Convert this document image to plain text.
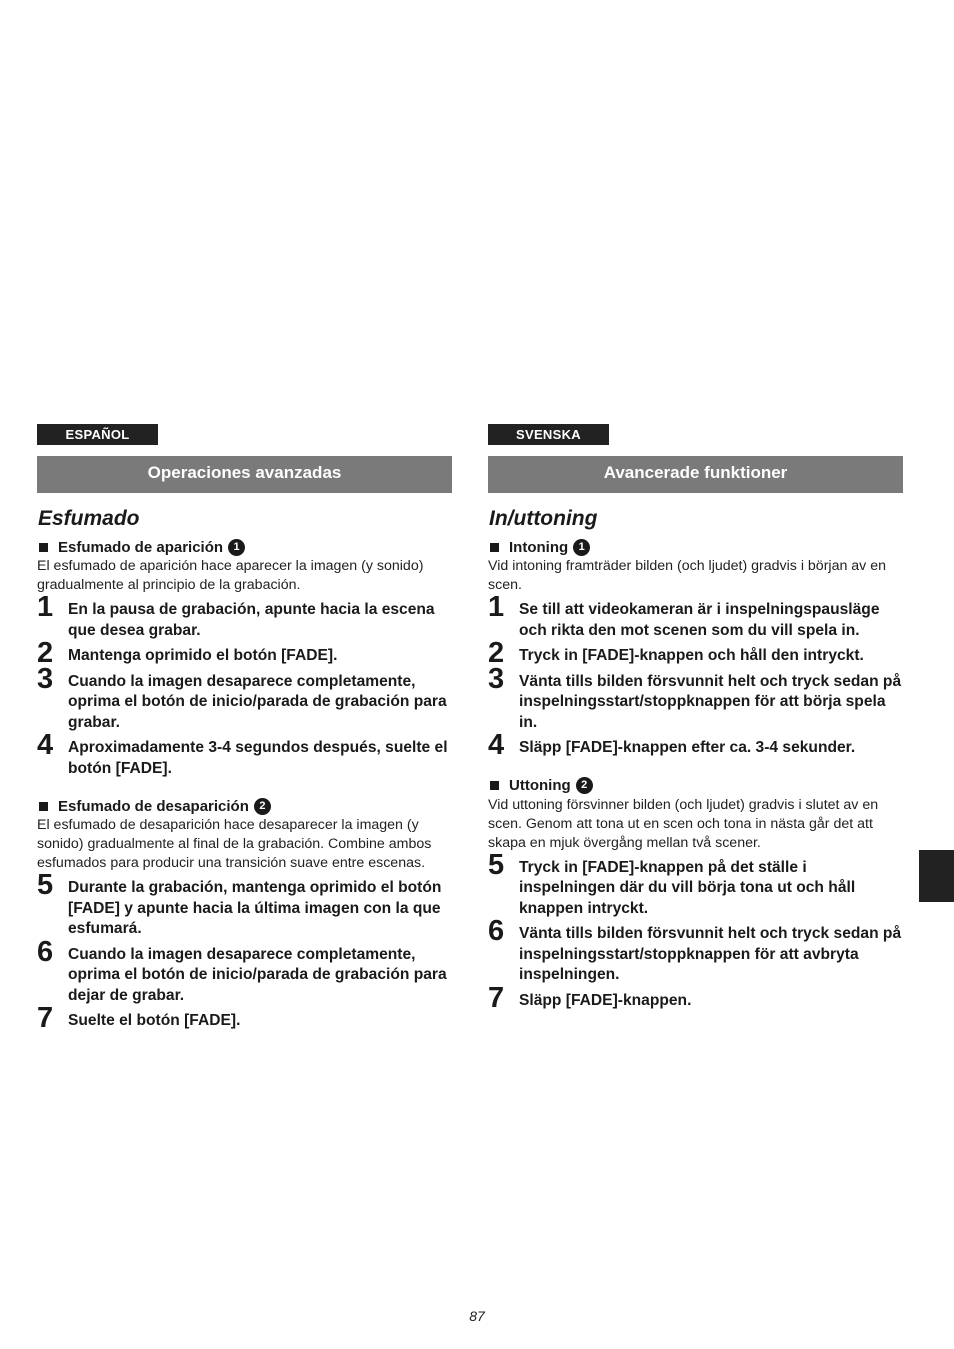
ESPAÑOL
Operaciones avanzadas
Esfumado
Esfumado de aparición 1
El esfumado de aparición hace aparecer la imagen (y sonido) gradualmente al principio de la grabación.
1 En la pausa de grabación, apunte hacia la escena que desea grabar.
2 Mantenga oprimido el botón [FADE].
3 Cuando la imagen desaparece completamente, oprima el botón de inicio/parada de grabación para grabar.
4 Aproximadamente 3-4 segundos después, suelte el botón [FADE].
Esfumado de desaparición 2
El esfumado de desaparición hace desaparecer la imagen (y sonido) gradualmente al final de la grabación. Combine ambos esfumados para producir una transición suave entre escenas.
5 Durante la grabación, mantenga oprimido el botón [FADE] y apunte hacia la última imagen con la que esfumará.
6 Cuando la imagen desaparece completamente, oprima el botón de inicio/parada de grabación para dejar de grabar.
7 Suelte el botón [FADE].
SVENSKA
Avancerade funktioner
In/uttoning
Intoning 1
Vid intoning framträder bilden (och ljudet) gradvis i början av en scen.
1 Se till att videokameran är i inspelningspausläge och rikta den mot scenen som du vill spela in.
2 Tryck in [FADE]-knappen och håll den intryckt.
3 Vänta tills bilden försvunnit helt och tryck sedan på inspelningsstart/stoppknappen för att börja spela in.
4 Släpp [FADE]-knappen efter ca. 3-4 sekunder.
Uttoning 2
Vid uttoning försvinner bilden (och ljudet) gradvis i slutet av en scen. Genom att tona ut en scen och tona in nästa går det att skapa en mjuk övergång mellan två scener.
5 Tryck in [FADE]-knappen på det ställe i inspelningen där du vill börja tona ut och håll knappen intryckt.
6 Vänta tills bilden försvunnit helt och tryck sedan på inspelningsstart/stoppknappen för att avbryta inspelningen.
7 Släpp [FADE]-knappen.
87
